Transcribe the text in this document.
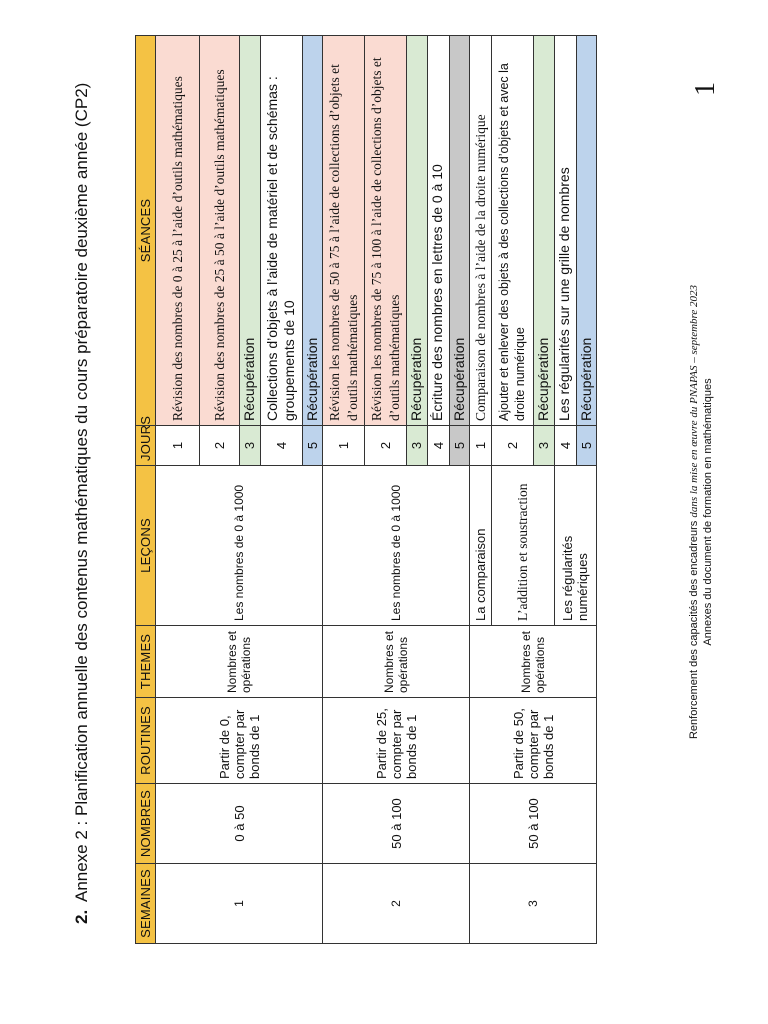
2. Annexe 2 : Planification annuelle des contenus mathématiques du cours préparatoire deuxième année (CP2)
SEMAINES	NOMBRES	ROUTINES	THEMES	LEÇONS	JOURS	SÉANCES
1	0 à 50	Partir de 0, compter par bonds de 1	Nombres et opérations	Les nombres de 0 à 1000	1	Révision des nombres de 0 à 25 à l’aide d’outils mathématiques
					2	Révision des nombres de 25 à 50 à l’aide d’outils mathématiques
					3	Récupération
					4	Collections d’objets à l’aide de matériel et de schémas : groupements de 10
					5	Récupération
2	50 à 100	Partir de 25, compter par bonds de 1	Nombres et opérations	Les nombres de 0 à 1000	1	Révision les nombres de 50 à 75 à l’aide de collections d’objets et d’outils mathématiques
					2	Révision les nombres de 75 à 100 à l’aide de collections d’objets et d’outils mathématiques
					3	Récupération
					4	Écriture des nombres en lettres de 0 à 10
					5	Récupération
3	50 à 100	Partir de 50, compter par bonds de 1	Nombres et opérations	La comparaison	1	Comparaison de nombres à l’aide de la droite numérique
				L’addition et soustraction	2	Ajouter et enlever des objets à des collections d’objets et avec la droite numérique
					3	Récupération
				Les régularités numériques	4	Les régularités sur une grille de nombres
					5	Récupération
Renforcement des capacités des encadreurs dans la mise en œuvre du PNAPAS – septembre 2023 Annexes du document de formation en mathématiques
1
